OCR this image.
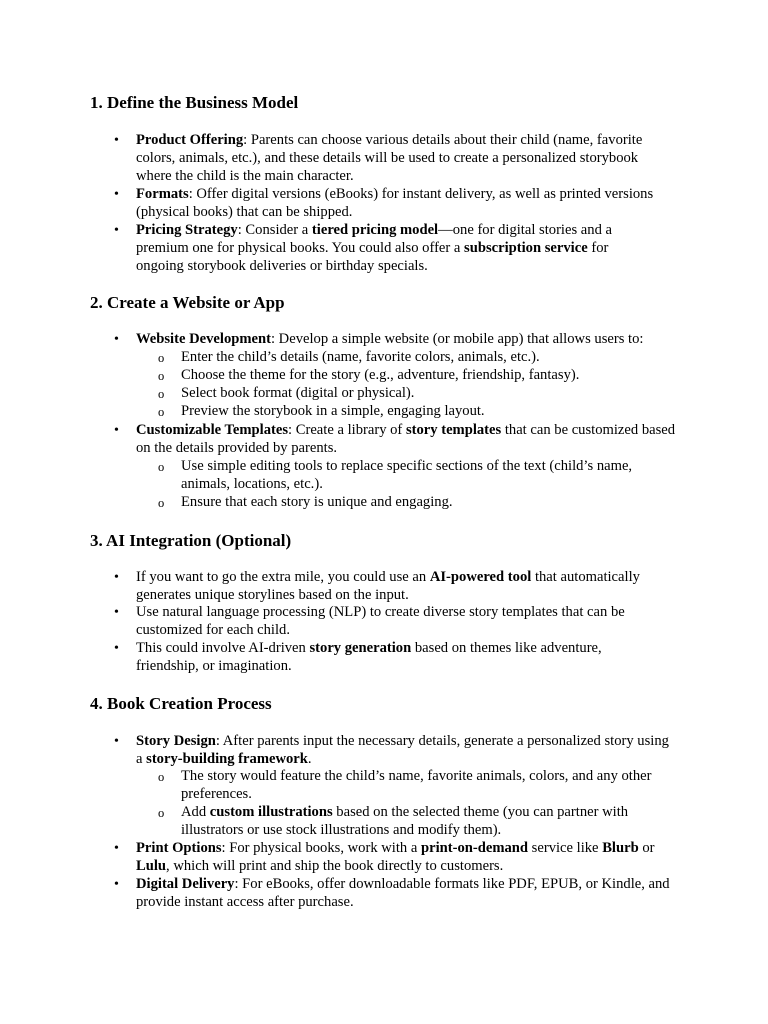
1. Define the Business Model
• Product Offering: Parents can choose various details about their child (name, favorite colors, animals, etc.), and these details will be used to create a personalized storybook where the child is the main character.

• Formats: Offer digital versions (eBooks) for instant delivery, as well as printed versions (physical books) that can be shipped.

• Pricing Strategy: Consider a tiered pricing model—one for digital stories and a premium one for physical books. You could also offer a subscription service for ongoing storybook deliveries or birthday specials.

2. Create a Website or App
• Website Development: Develop a simple website (or mobile app) that allows users to:

o Enter the child’s details (name, favorite colors, animals, etc.).

o Choose the theme for the story (e.g., adventure, friendship, fantasy).

o Select book format (digital or physical).

o Preview the storybook in a simple, engaging layout.

• Customizable Templates: Create a library of story templates that can be customized based on the details provided by parents.

o Use simple editing tools to replace specific sections of the text (child’s name, animals, locations, etc.).

o Ensure that each story is unique and engaging.

3. AI Integration (Optional)
• If you want to go the extra mile, you could use an AI-powered tool that automatically generates unique storylines based on the input.

• Use natural language processing (NLP) to create diverse story templates that can be customized for each child.

• This could involve AI-driven story generation based on themes like adventure, friendship, or imagination.

4. Book Creation Process
• Story Design: After parents input the necessary details, generate a personalized story using a story-building framework.

o The story would feature the child’s name, favorite animals, colors, and any other preferences.

o Add custom illustrations based on the selected theme (you can partner with illustrators or use stock illustrations and modify them).

• Print Options: For physical books, work with a print-on-demand service like Blurb or Lulu, which will print and ship the book directly to customers.

• Digital Delivery: For eBooks, offer downloadable formats like PDF, EPUB, or Kindle, and provide instant access after purchase.
